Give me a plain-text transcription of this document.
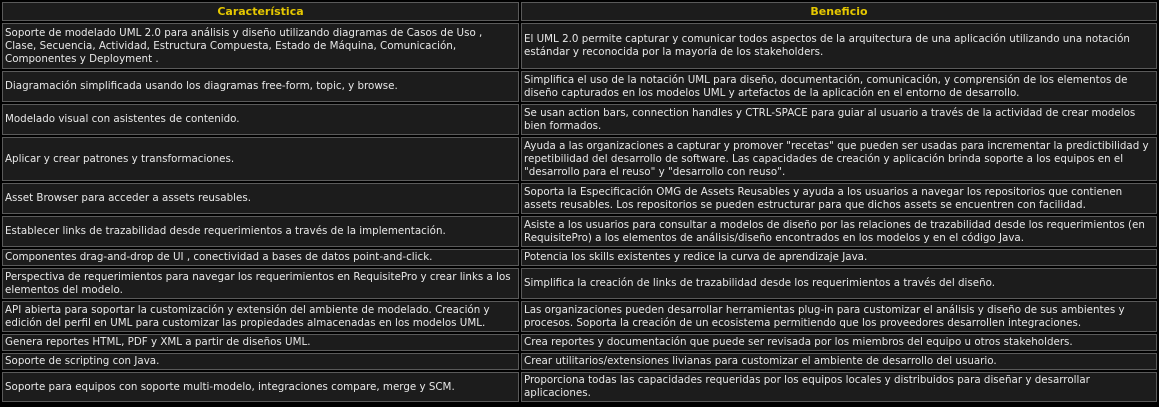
Característica	Beneficio
Soporte de modelado UML 2.0 para análisis y diseño utilizando diagramas de Casos de Uso , Clase, Secuencia, Actividad, Estructura Compuesta, Estado de Máquina, Comunicación, Componentes y Deployment .	El UML 2.0 permite capturar y comunicar todos aspectos de la arquitectura de una aplicación utilizando una notación estándar y reconocida por la mayoría de los stakeholders.
Diagramación simplificada usando los diagramas free-form, topic, y browse.	Simplifica el uso de la notación UML para diseño, documentación, comunicación, y comprensión de los elementos de diseño capturados en los modelos UML y artefactos de la aplicación en el entorno de desarrollo.
Modelado visual con asistentes de contenido.	Se usan action bars, connection handles y CTRL-SPACE para guiar al usuario a través de la actividad de crear modelos bien formados.
Aplicar y crear patrones y transformaciones.	Ayuda a las organizaciones a capturar y promover "recetas" que pueden ser usadas para incrementar la predictibilidad y repetibilidad del desarrollo de software. Las capacidades de creación y aplicación brinda soporte a los equipos en el "desarrollo para el reuso" y "desarrollo con reuso".
Asset Browser para acceder a assets reusables.	Soporta la Especificación OMG de Assets Reusables y ayuda a los usuarios a navegar los repositorios que contienen assets reusables. Los repositorios se pueden estructurar para que dichos assets se encuentren con facilidad.
Establecer links de trazabilidad desde requerimientos a través de la implementación.	Asiste a los usuarios para consultar a modelos de diseño por las relaciones de trazabilidad desde los requerimientos (en RequisitePro) a los elementos de análisis/diseño encontrados en los modelos y en el código Java.
Componentes drag-and-drop de UI , conectividad a bases de datos point-and-click.	Potencia los skills existentes y redice la curva de aprendizaje Java.
Perspectiva de requerimientos para navegar los requerimientos en RequisitePro y crear links a los elementos del modelo.	Simplifica la creación de links de trazabilidad desde los requerimientos a través del diseño.
API abierta para soportar la customización y extensión del ambiente de modelado. Creación y edición del perfil en UML para customizar las propiedades almacenadas en los modelos UML.	Las organizaciones pueden desarrollar herramientas plug-in para customizar el análisis y diseño de sus ambientes y procesos. Soporta la creación de un ecosistema permitiendo que los proveedores desarrollen integraciones.
Genera reportes HTML, PDF y XML a partir de diseños UML.	Crea reportes y documentación que puede ser revisada por los miembros del equipo u otros stakeholders.
Soporte de scripting con Java.	Crear utilitarios/extensiones livianas para customizar el ambiente de desarrollo del usuario.
Soporte para equipos con soporte multi-modelo, integraciones compare, merge y SCM.	Proporciona todas las capacidades requeridas por los equipos locales y distribuidos para diseñar y desarrollar aplicaciones.
